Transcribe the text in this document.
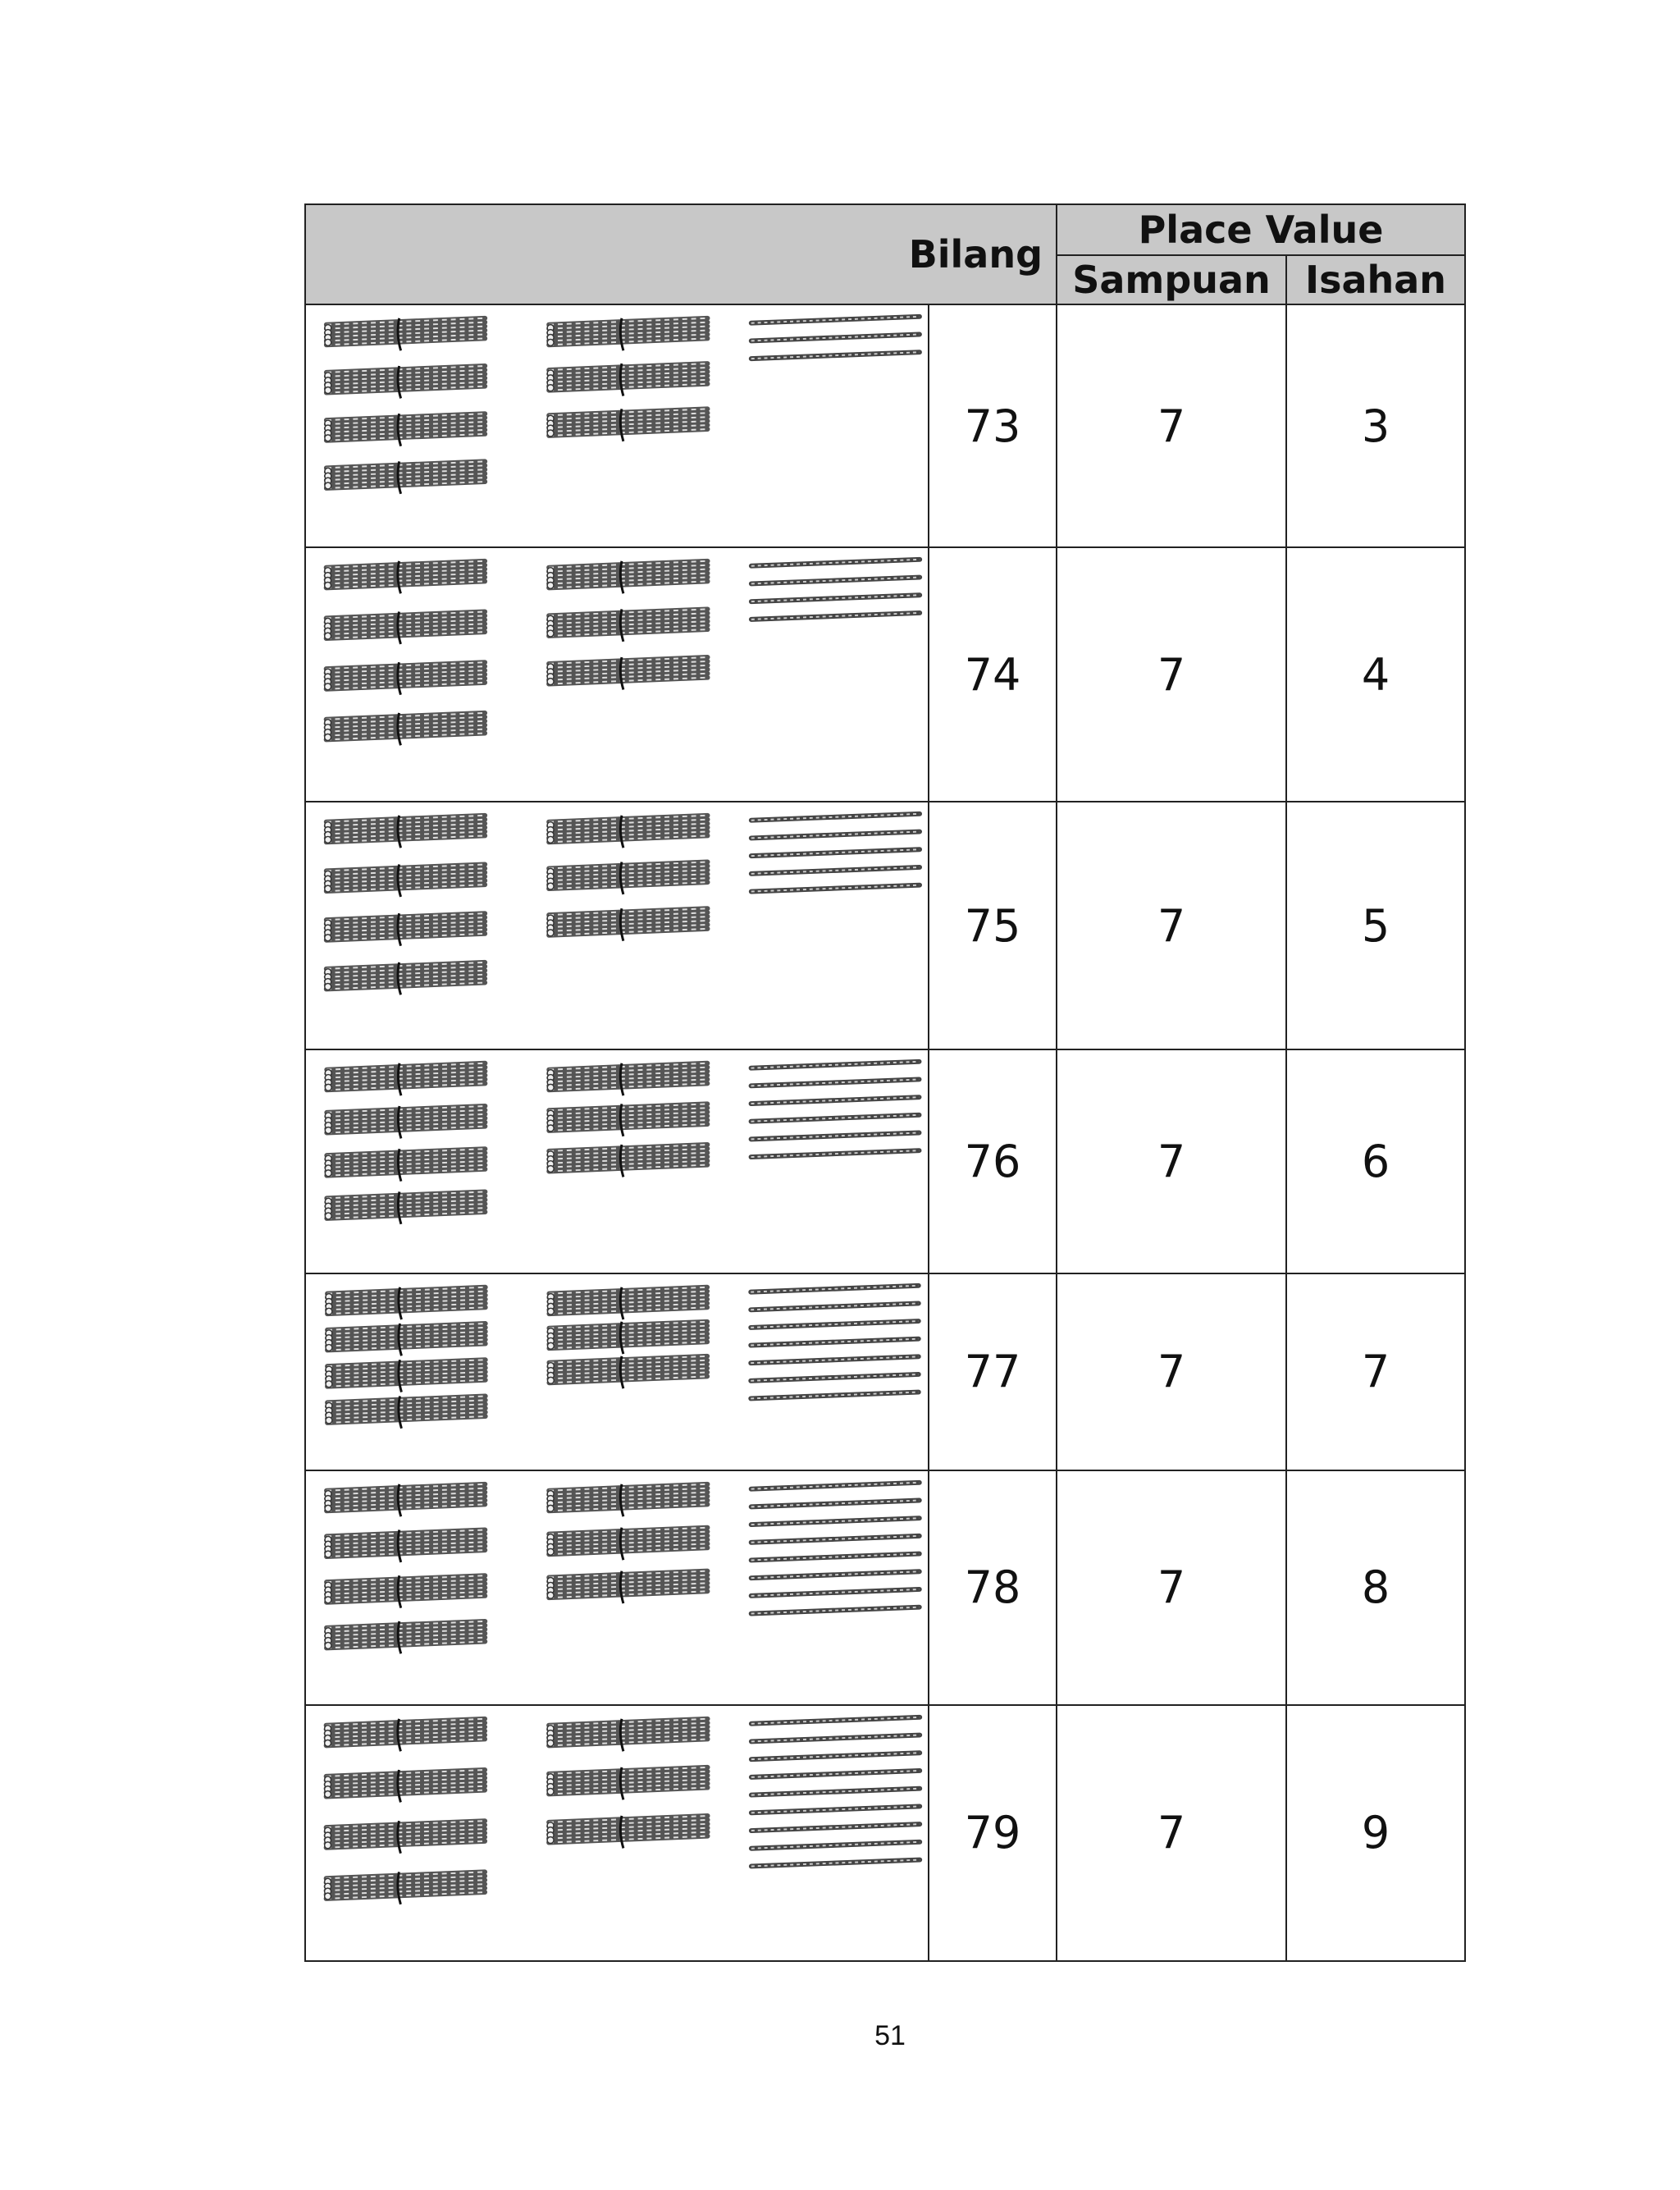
Bilang		Place Value	
		Sampuan	Isahan

	73	7	3

	74	7	4

	75	7	5

	76	7	6

	77	7	7

	78	7	8

	79	7	9
51
